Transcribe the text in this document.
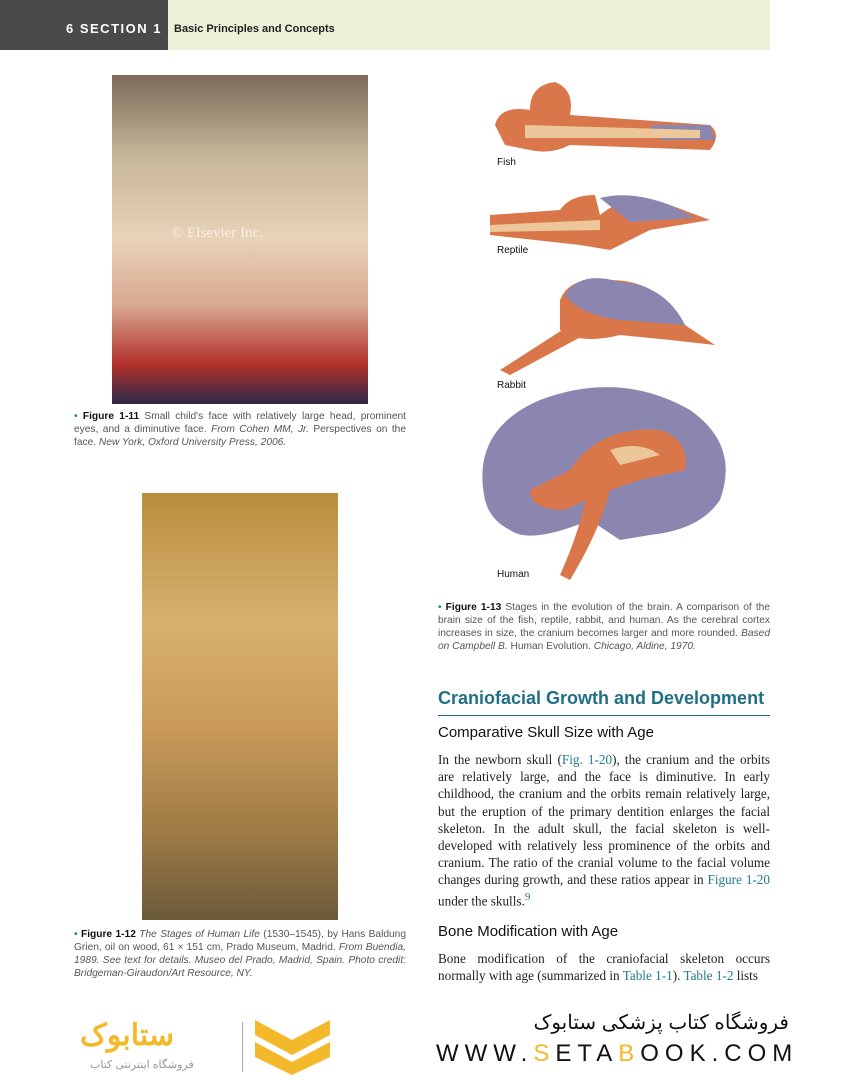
6 SECTION 1	Basic Principles and Concepts
© Elsevier Inc.
• Figure 1-11 Small child's face with relatively large head, prominent eyes, and a diminutive face. From Cohen MM, Jr. Perspectives on the face. New York, Oxford University Press, 2006.
• Figure 1-12 The Stages of Human Life (1530–1545), by Hans Baldung Grien, oil on wood, 61 × 151 cm, Prado Museum, Madrid. From Buendia, 1989. See text for details. Museo del Prado, Madrid, Spain. Photo credit: Bridgeman-Giraudon/Art Resource, NY.
Fish
Reptile
Rabbit
Human
• Figure 1-13 Stages in the evolution of the brain. A comparison of the brain size of the fish, reptile, rabbit, and human. As the cerebral cortex increases in size, the cranium becomes larger and more rounded. Based on Campbell B. Human Evolution. Chicago, Aldine, 1970.
Craniofacial Growth and Development
Comparative Skull Size with Age
In the newborn skull (Fig. 1-20), the cranium and the orbits are relatively large, and the face is diminutive. In early childhood, the cranium and the orbits remain relatively large, but the eruption of the primary dentition enlarges the facial skeleton. In the adult skull, the facial skeleton is well-developed with relatively less prominence of the orbits and cranium. The ratio of the cranial volume to the facial volume changes during growth, and these ratios appear in Figure 1-20 under the skulls.$^9$
Bone Modification with Age
Bone modification of the craniofacial skeleton occurs normally with age (summarized in Table 1-1). Table 1-2 lists
ستابوک
فروشگاه اینترنتی کتاب
فروشگاه کتاب پزشکی ستابوک
WWW.SETABOOK.COM
